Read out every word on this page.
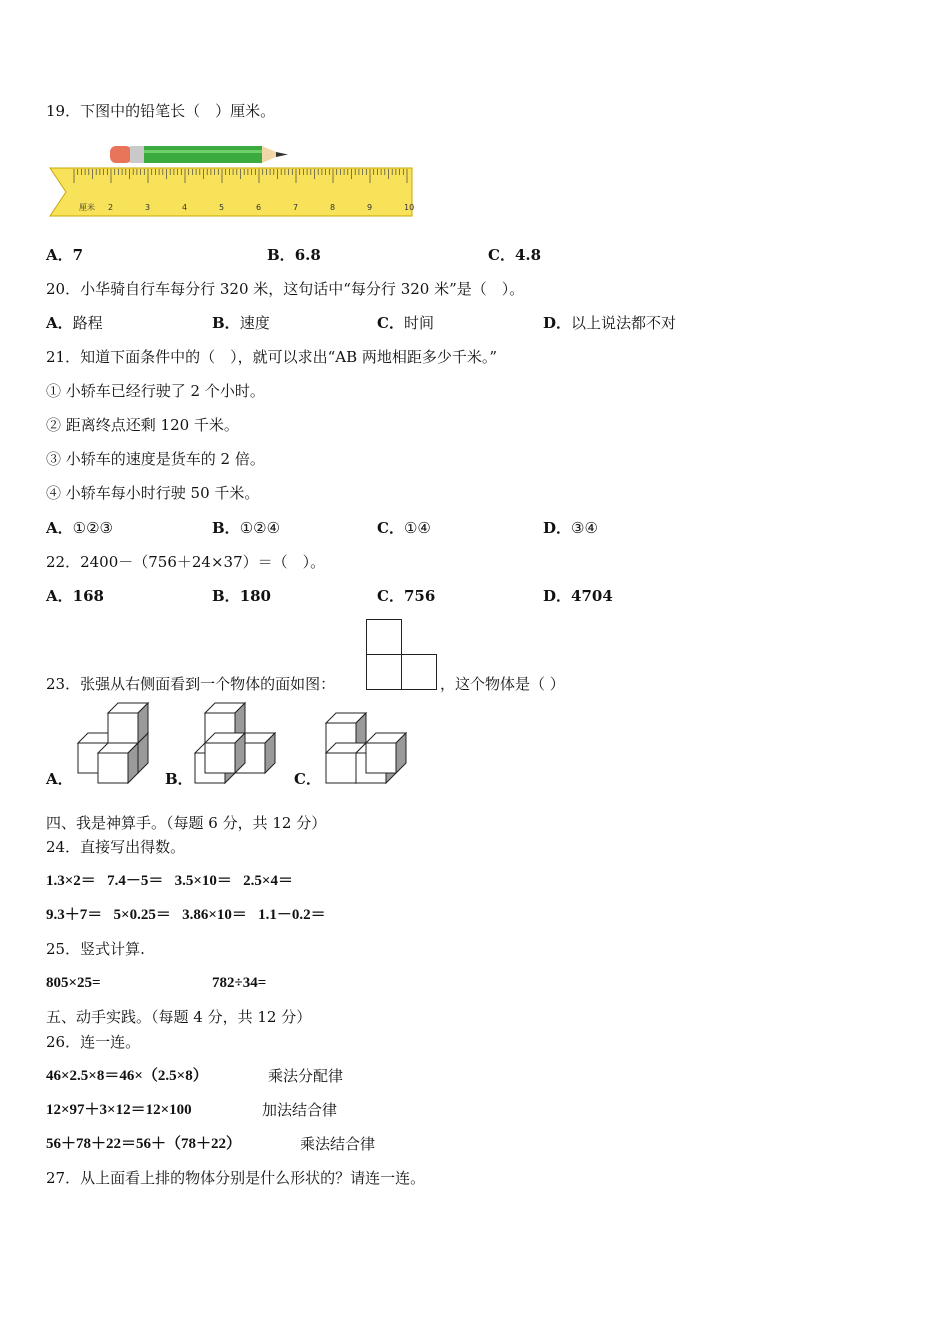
19．下图中的铅笔长（　）厘米。
2	3	4	5	6	7	8	9	10
厘米
A．7	B．6.8	C．4.8
20．小华骑自行车每分行 320 米，这句话中“每分行 320 米”是（　）。
A．路程	B．速度	C．时间	D．以上说法都不对
21．知道下面条件中的（　），就可以求出“AB 两地相距多少千米。”
① 小轿车已经行驶了 2 个小时。
② 距离终点还剩 120 千米。
③ 小轿车的速度是货车的 2 倍。
④ 小轿车每小时行驶 50 千米。
A．①②③	B．①②④	C．①④	D．③④
22．2400－（756＋24×37）＝（　）。
A．168	B．180	C．756	D．4704
23．张强从右侧面看到一个物体的面如图：	，这个物体是（ ）
A．	B．	C．
四、我是神算手。（每题 6 分，共 12 分）
24．直接写出得数。
1.3×2＝ 7.4－5＝ 3.5×10＝ 2.5×4＝
9.3＋7＝ 5×0.25＝ 3.86×10＝ 1.1－0.2＝
25．竖式计算.
805×25=	782÷34=
五、动手实践。（每题 4 分，共 12 分）
26．连一连。
46×2.5×8＝46×（2.5×8）	乘法分配律
12×97＋3×12＝12×100	加法结合律
56＋78＋22＝56＋（78＋22）	乘法结合律
27．从上面看上排的物体分别是什么形状的？请连一连。
